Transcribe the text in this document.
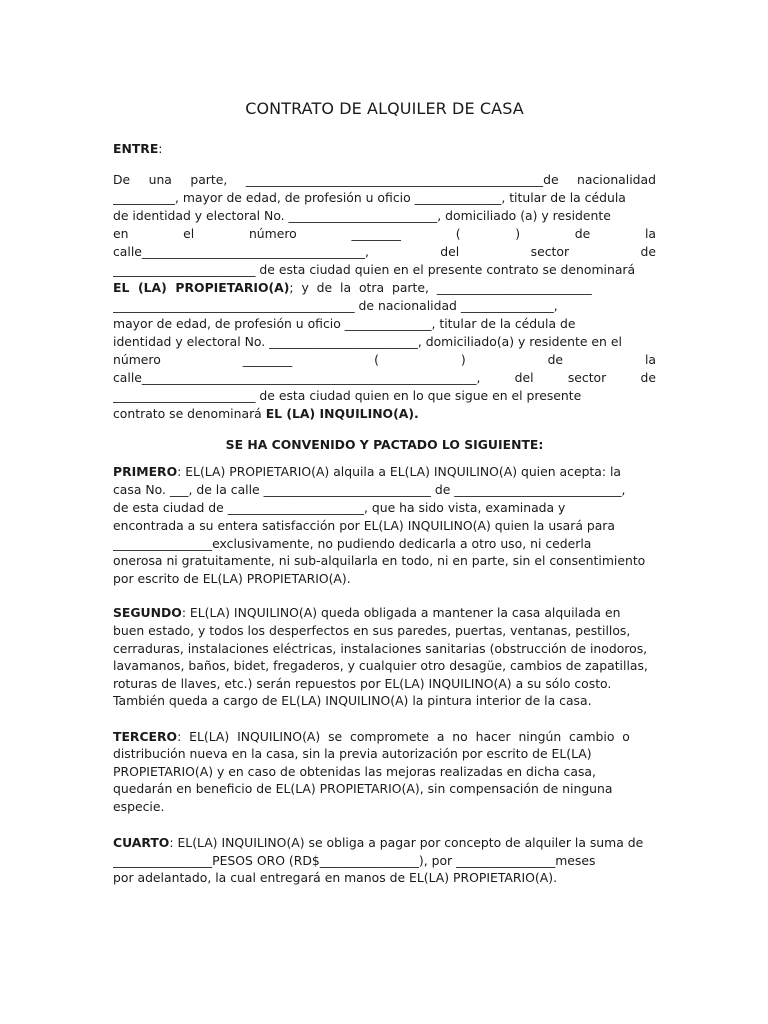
CONTRATO DE ALQUILER DE CASA
ENTRE:
De una parte, ________________________________________________de nacionalidad
__________, mayor de edad, de profesión u oficio ______________, titular de la cédula
de identidad y electoral No. ________________________, domiciliado (a) y residente
en	el	número	________	(	)	de	la
calle____________________________________,	del	sector	de
_______________________ de esta ciudad quien en el presente contrato se denominará
EL  (LA)  PROPIETARIO(A);  y  de  la  otra  parte,  _________________________
_______________________________________ de nacionalidad _______________,
mayor de edad, de profesión u oficio ______________, titular de la cédula de
identidad y electoral No. ________________________, domiciliado(a) y residente en el
número	________	(	)	de	la
calle______________________________________________________,	del	sector	de
_______________________ de esta ciudad quien en lo que sigue en el presente
contrato se denominará EL (LA) INQUILINO(A).
SE HA CONVENIDO Y PACTADO LO SIGUIENTE:
PRIMERO: EL(LA) PROPIETARIO(A) alquila a EL(LA) INQUILINO(A) quien acepta: la
casa No. ___, de la calle ___________________________ de ___________________________,
de esta ciudad de ______________________, que ha sido vista, examinada y
encontrada a su entera satisfacción por EL(LA) INQUILINO(A) quien la usará para
________________exclusivamente, no pudiendo dedicarla a otro uso, ni cederla
onerosa ni gratuitamente, ni sub-alquilarla en todo, ni en parte, sin el consentimiento
por escrito de EL(LA) PROPIETARIO(A).
SEGUNDO: EL(LA) INQUILINO(A) queda obligada a mantener la casa alquilada en
buen estado, y todos los desperfectos en sus paredes, puertas, ventanas, pestillos,
cerraduras, instalaciones eléctricas, instalaciones sanitarias (obstrucción de inodoros,
lavamanos, baños, bidet, fregaderos, y cualquier otro desagüe, cambios de zapatillas,
roturas de llaves, etc.) serán repuestos por EL(LA) INQUILINO(A) a su sólo costo.
También queda a cargo de EL(LA) INQUILINO(A) la pintura interior de la casa.
TERCERO:  EL(LA)  INQUILINO(A)  se  compromete  a  no  hacer  ningún  cambio  o
distribución nueva en la casa, sin la previa autorización por escrito de EL(LA)
PROPIETARIO(A) y en caso de obtenidas las mejoras realizadas en dicha casa,
quedarán en beneficio de EL(LA) PROPIETARIO(A), sin compensación de ninguna
especie.
CUARTO: EL(LA) INQUILINO(A) se obliga a pagar por concepto de alquiler la suma de
________________PESOS ORO (RD$________________), por ________________meses
por adelantado, la cual entregará en manos de EL(LA) PROPIETARIO(A).
